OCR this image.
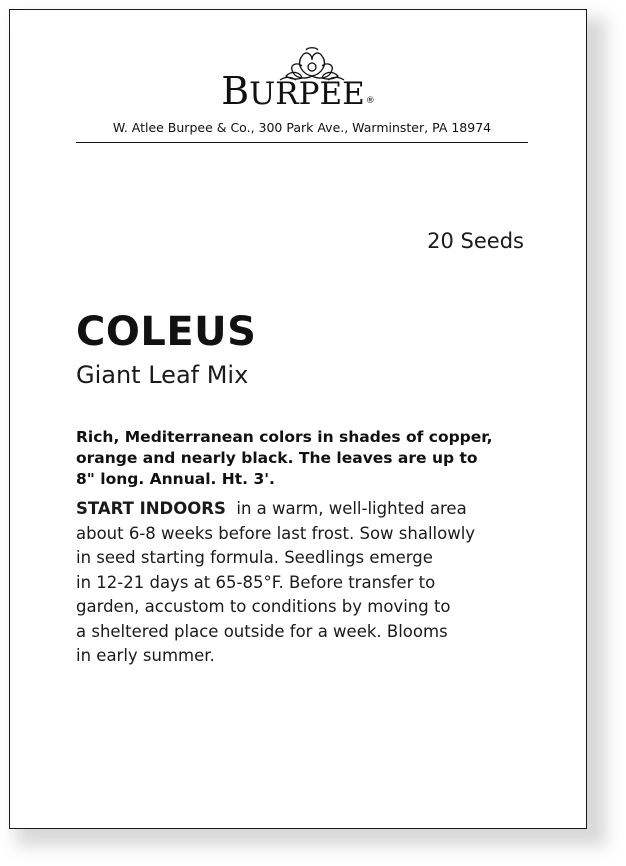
BURPEE®
W. Atlee Burpee & Co., 300 Park Ave., Warminster, PA 18974
20 Seeds
COLEUS
Giant Leaf Mix
Rich, Mediterranean colors in shades of copper,
orange and nearly black. The leaves are up to
8" long. Annual. Ht. 3'.
START INDOORS in a warm, well-lighted area
about 6-8 weeks before last frost. Sow shallowly
in seed starting formula. Seedlings emerge
in 12-21 days at 65-85°F. Before transfer to
garden, accustom to conditions by moving to
a sheltered place outside for a week. Blooms
in early summer.
